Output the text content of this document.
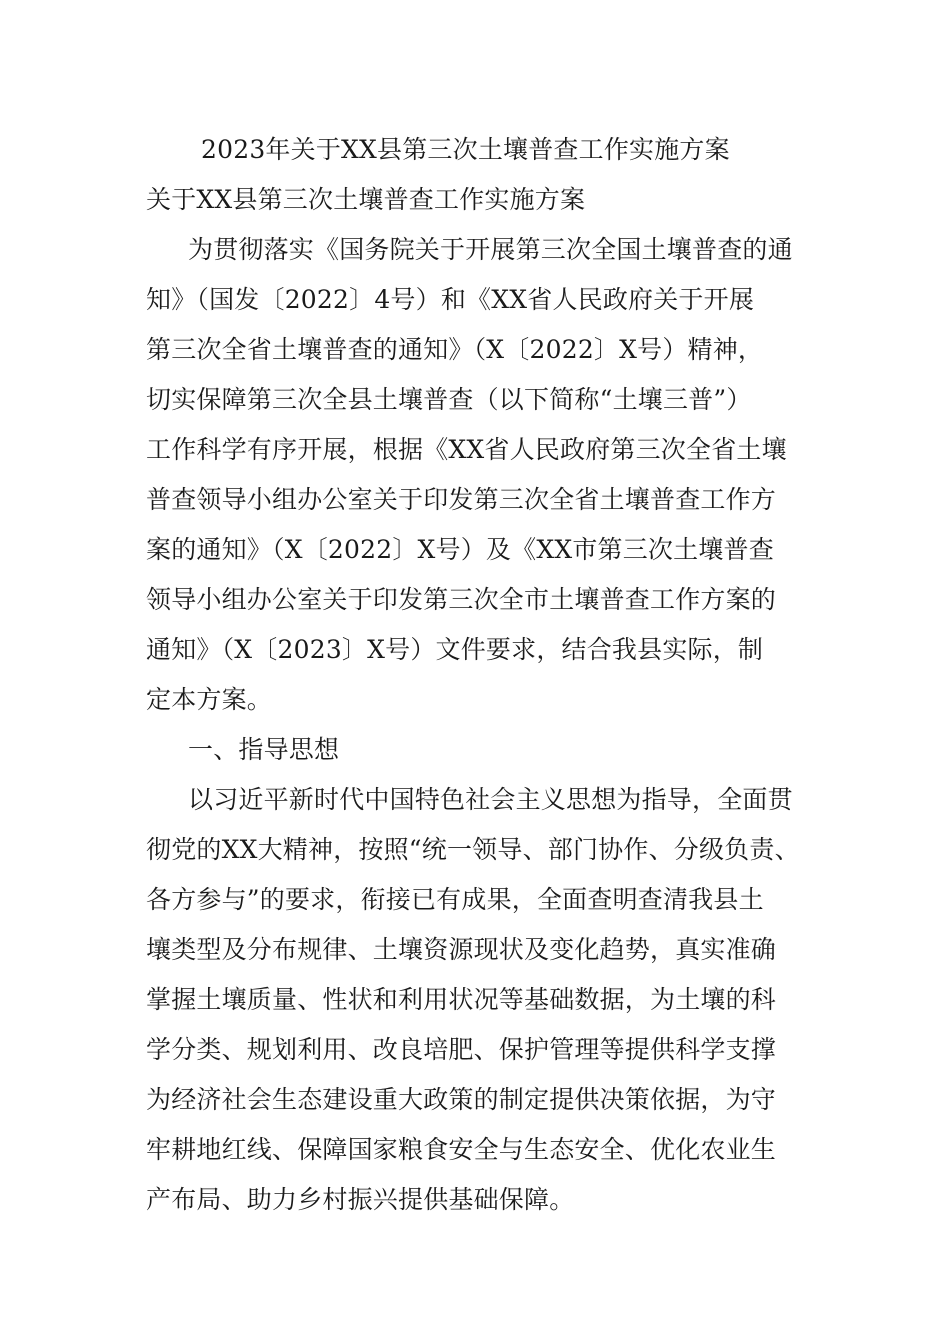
2023年关于XX县第三次土壤普查工作实施方案
关于XX县第三次土壤普查工作实施方案
为贯彻落实《国务院关于开展第三次全国土壤普查的通
知》（国发〔2022〕4号）和《XX省人民政府关于开展
第三次全省土壤普查的通知》（X〔2022〕X号）精神，
切实保障第三次全县土壤普查（以下简称“土壤三普”）
工作科学有序开展，根据《XX省人民政府第三次全省土壤
普查领导小组办公室关于印发第三次全省土壤普查工作方
案的通知》（X〔2022〕X号）及《XX市第三次土壤普查
领导小组办公室关于印发第三次全市土壤普查工作方案的
通知》（X〔2023〕X号）文件要求，结合我县实际，制
定本方案。
一、指导思想
以习近平新时代中国特色社会主义思想为指导，全面贯
彻党的XX大精神，按照“统一领导、部门协作、分级负责、
各方参与”的要求，衔接已有成果，全面查明查清我县土
壤类型及分布规律、土壤资源现状及变化趋势，真实准确
掌握土壤质量、性状和利用状况等基础数据，为土壤的科
学分类、规划利用、改良培肥、保护管理等提供科学支撑
为经济社会生态建设重大政策的制定提供决策依据，为守
牢耕地红线、保障国家粮食安全与生态安全、优化农业生
产布局、助力乡村振兴提供基础保障。
